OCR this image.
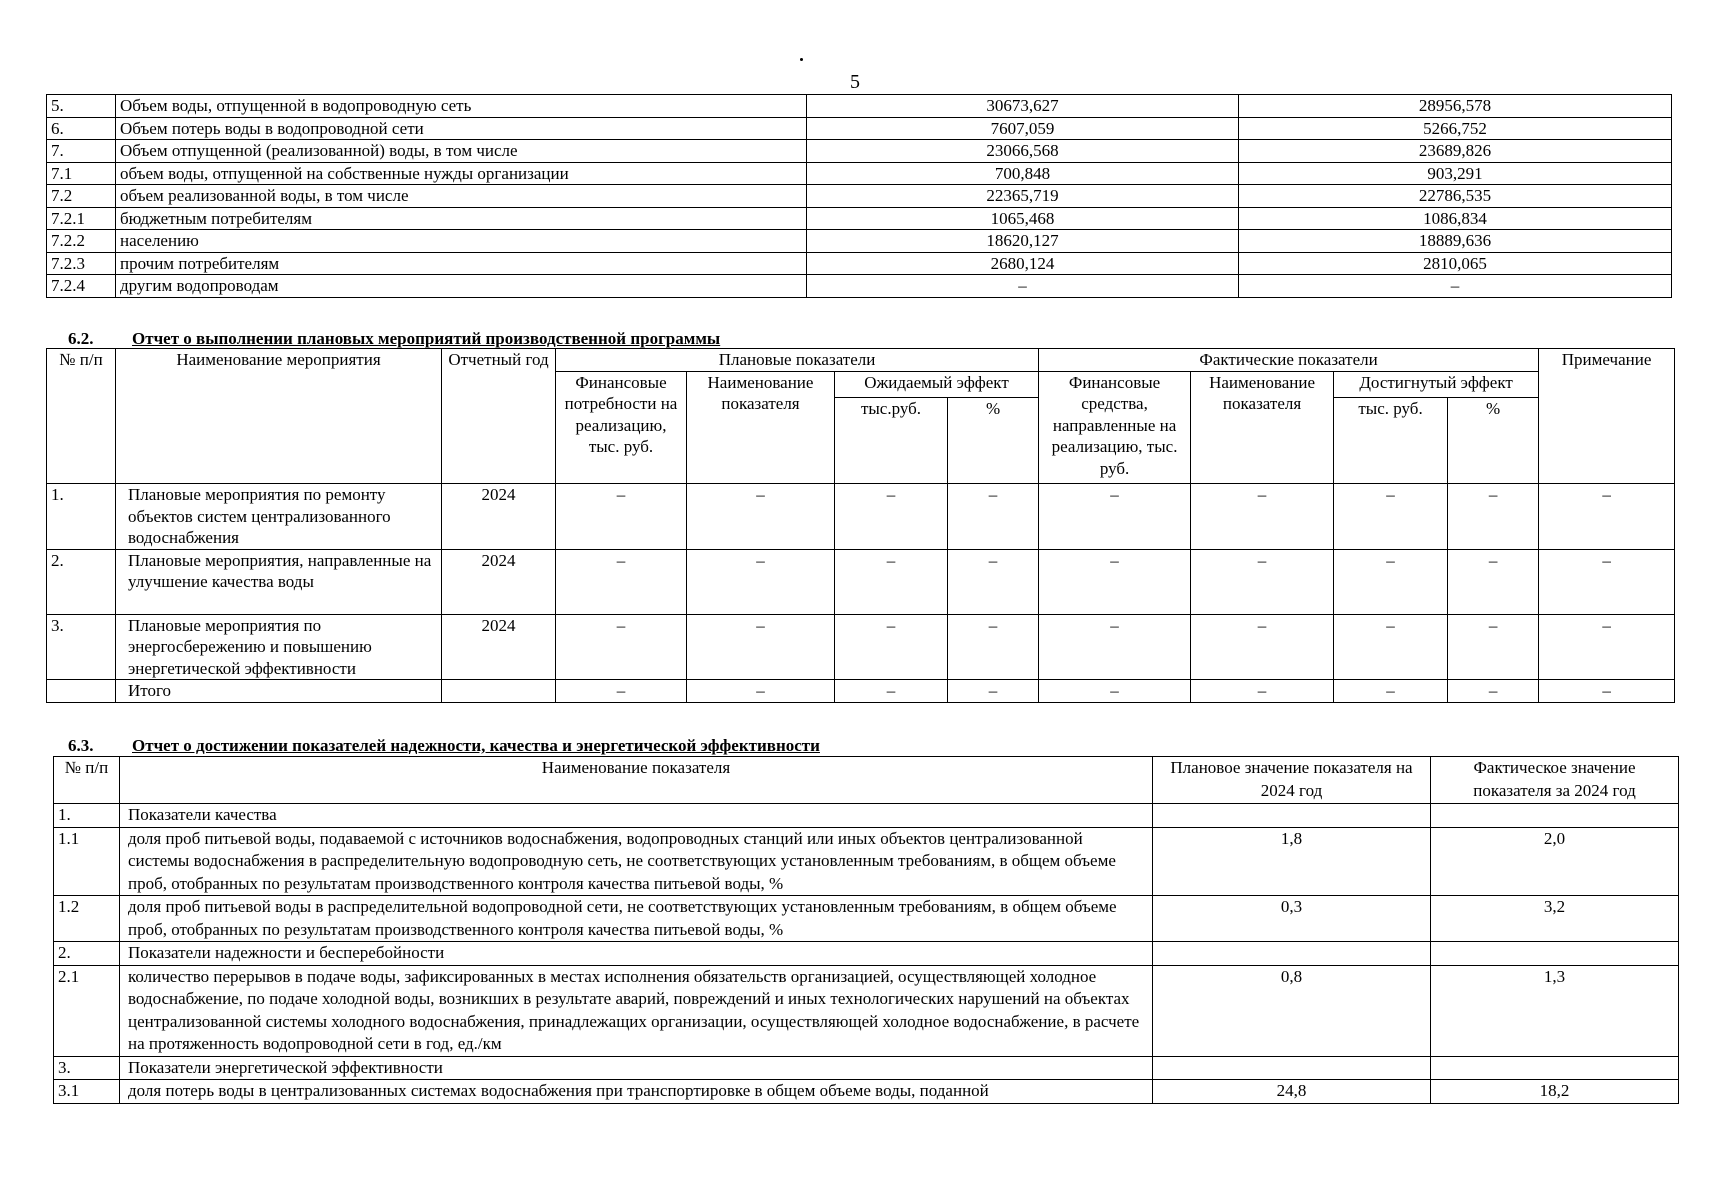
5
5.	Объем воды, отпущенной в водопроводную сеть	30673,627	28956,578
6.	Объем потерь воды в водопроводной сети	7607,059	5266,752
7.	Объем отпущенной (реализованной) воды, в том числе	23066,568	23689,826
7.1	объем воды, отпущенной на собственные нужды организации	700,848	903,291
7.2	объем реализованной воды, в том числе	22365,719	22786,535
7.2.1	бюджетным потребителям	1065,468	1086,834
7.2.2	населению	18620,127	18889,636
7.2.3	прочим потребителям	2680,124	2810,065
7.2.4	другим водопроводам	–	–
6.2. Отчет о выполнении плановых мероприятий производственной программы
№ п/п	Наименование мероприятия	Отчетный год	Плановые показатели				Фактические показатели				Примечание
			Финансовые потребности на реализацию, тыс. руб.	Наименование показателя	Ожидаемый эффект		Финансовые средства, направленные на реализацию, тыс. руб.	Наименование показателя	Достигнутый эффект		
					тыс.руб.	%			тыс. руб.	%	
1.	Плановые мероприятия по ремонту объектов систем централизованного водоснабжения	2024	–	–	–	–	–	–	–	–	–
2.	Плановые мероприятия, направленные на улучшение качества воды	2024	–	–	–	–	–	–	–	–	–
3.	Плановые мероприятия по энергосбережению и повышению энергетической эффективности	2024	–	–	–	–	–	–	–	–	–
	Итого		–	–	–	–	–	–	–	–	–
6.3. Отчет о достижении показателей надежности, качества и энергетической эффективности
№ п/п	Наименование показателя	Плановое значение показателя на 2024 год	Фактическое значение показателя за 2024 год
1.	Показатели качества		
1.1	доля проб питьевой воды, подаваемой с источников водоснабжения, водопроводных станций или иных объектов централизованной системы водоснабжения в распределительную водопроводную сеть, не соответствующих установленным требованиям, в общем объеме проб, отобранных по результатам производственного контроля качества питьевой воды, %	1,8	2,0
1.2	доля проб питьевой воды в распределительной водопроводной сети, не соответствующих установленным требованиям, в общем объеме проб, отобранных по результатам производственного контроля качества питьевой воды, %	0,3	3,2
2.	Показатели надежности и бесперебойности		
2.1	количество перерывов в подаче воды, зафиксированных в местах исполнения обязательств организацией, осуществляющей холодное водоснабжение, по подаче холодной воды, возникших в результате аварий, повреждений и иных технологических нарушений на объектах централизованной системы холодного водоснабжения, принадлежащих организации, осуществляющей холодное водоснабжение, в расчете на протяженность водопроводной сети в год, ед./км	0,8	1,3
3.	Показатели энергетической эффективности		
3.1	доля потерь воды в централизованных системах водоснабжения при транспортировке в общем объеме воды, поданной	24,8	18,2
